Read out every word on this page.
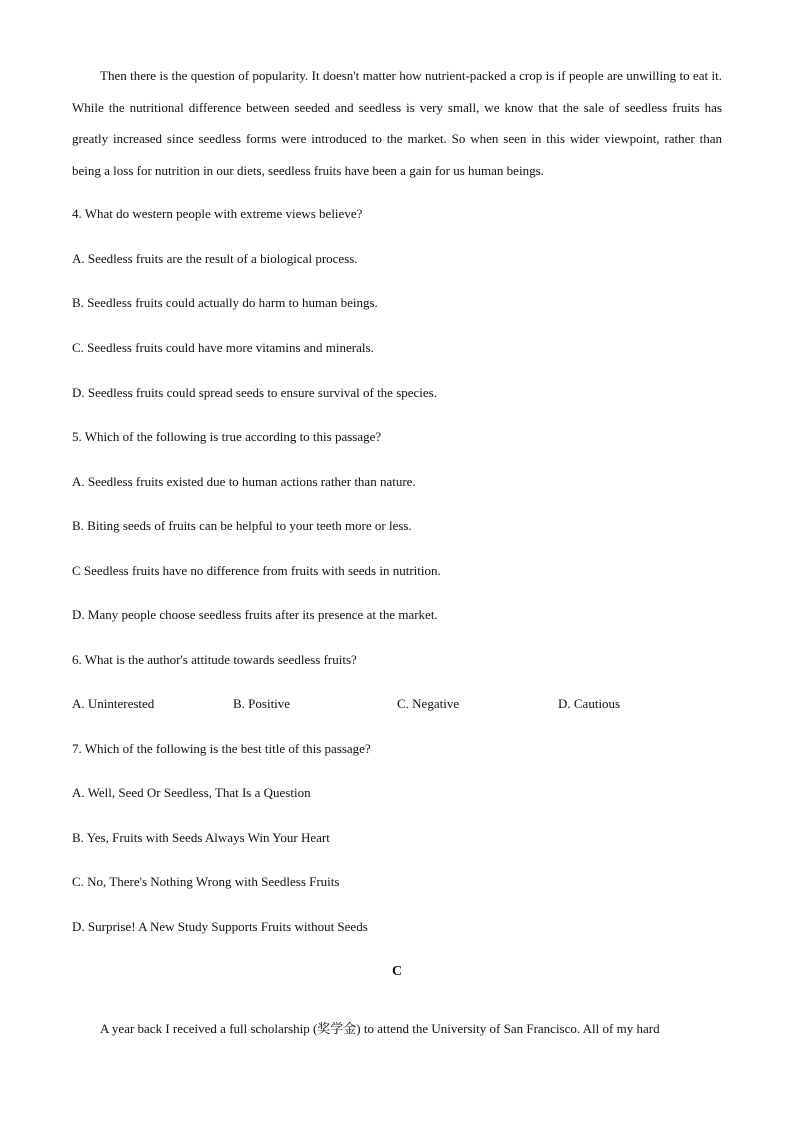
Then there is the question of popularity. It doesn't matter how nutrient-packed a crop is if people are unwilling to eat it. While the nutritional difference between seeded and seedless is very small, we know that the sale of seedless fruits has greatly increased since seedless forms were introduced to the market. So when seen in this wider viewpoint, rather than being a loss for nutrition in our diets, seedless fruits have been a gain for us human beings.

4. What do western people with extreme views believe?

A. Seedless fruits are the result of a biological process.

B. Seedless fruits could actually do harm to human beings.

C. Seedless fruits could have more vitamins and minerals.

D. Seedless fruits could spread seeds to ensure survival of the species.

5. Which of the following is true according to this passage?

A. Seedless fruits existed due to human actions rather than nature.

B. Biting seeds of fruits can be helpful to your teeth more or less.

C Seedless fruits have no difference from fruits with seeds in nutrition.

D. Many people choose seedless fruits after its presence at the market.

6. What is the author's attitude towards seedless fruits?

A. Uninterested	B. Positive	C. Negative	D. Cautious

7. Which of the following is the best title of this passage?

A. Well, Seed Or Seedless, That Is a Question

B. Yes, Fruits with Seeds Always Win Your Heart

C. No, There's Nothing Wrong with Seedless Fruits

D. Surprise! A New Study Supports Fruits without Seeds

C

A year back I received a full scholarship (奖学金) to attend the University of San Francisco. All of my hard
